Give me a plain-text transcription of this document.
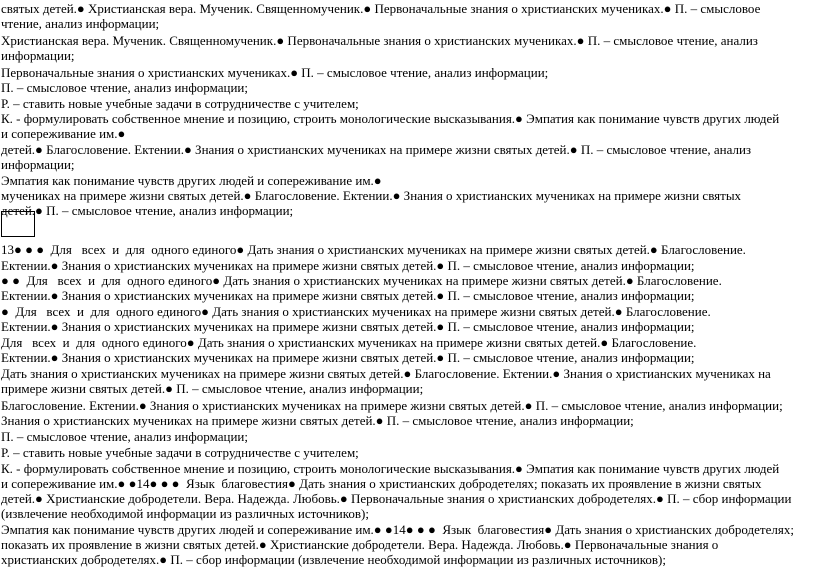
святых детей.● Христианская вера. Мученик. Священномученик.● Первоначальные знания о христианских мучениках.● П. – смысловое
чтение, анализ информации;
Христианская вера. Мученик. Священномученик.● Первоначальные знания о христианских мучениках.● П. – смысловое чтение, анализ
информации;
Первоначальные знания о христианских мучениках.● П. – смысловое чтение, анализ информации;
П. – смысловое чтение, анализ информации;
Р. – ставить новые учебные задачи в сотрудничестве с учителем;
К. - формулировать собственное мнение и позицию, строить монологические высказывания.● Эмпатия как понимание чувств других людей
и сопереживание им.●
детей.● Благословение. Ектении.● Знания о христианских мучениках на примере жизни святых детей.● П. – смысловое чтение, анализ
информации;
Эмпатия как понимание чувств других людей и сопереживание им.●
мучениках на примере жизни святых детей.● Благословение. Ектении.● Знания о христианских мучениках на примере жизни святых
детей.● П. – смысловое чтение, анализ информации;
13● ● ●  Для   всех  и  для  одного единого● Дать знания о христианских мучениках на примере жизни святых детей.● Благословение.
Ектении.● Знания о христианских мучениках на примере жизни святых детей.● П. – смысловое чтение, анализ информации;
● ●  Для   всех  и  для  одного единого● Дать знания о христианских мучениках на примере жизни святых детей.● Благословение.
Ектении.● Знания о христианских мучениках на примере жизни святых детей.● П. – смысловое чтение, анализ информации;
●  Для   всех  и  для  одного единого● Дать знания о христианских мучениках на примере жизни святых детей.● Благословение.
Ектении.● Знания о христианских мучениках на примере жизни святых детей.● П. – смысловое чтение, анализ информации;
Для   всех  и  для  одного единого● Дать знания о христианских мучениках на примере жизни святых детей.● Благословение.
Ектении.● Знания о христианских мучениках на примере жизни святых детей.● П. – смысловое чтение, анализ информации;
Дать знания о христианских мучениках на примере жизни святых детей.● Благословение. Ектении.● Знания о христианских мучениках на
примере жизни святых детей.● П. – смысловое чтение, анализ информации;
Благословение. Ектении.● Знания о христианских мучениках на примере жизни святых детей.● П. – смысловое чтение, анализ информации;
Знания о христианских мучениках на примере жизни святых детей.● П. – смысловое чтение, анализ информации;
П. – смысловое чтение, анализ информации;
Р. – ставить новые учебные задачи в сотрудничестве с учителем;
К. - формулировать собственное мнение и позицию, строить монологические высказывания.● Эмпатия как понимание чувств других людей
и сопереживание им.● ●14● ● ●  Язык  благовестия● Дать знания о христианских добродетелях; показать их проявление в жизни святых
детей.● Христианские добродетели. Вера. Надежда. Любовь.● Первоначальные знания о христианских добродетелях.● П. – сбор информации
(извлечение необходимой информации из различных источников);
Эмпатия как понимание чувств других людей и сопереживание им.● ●14● ● ●  Язык  благовестия● Дать знания о христианских добродетелях;
показать их проявление в жизни святых детей.● Христианские добродетели. Вера. Надежда. Любовь.● Первоначальные знания о
христианских добродетелях.● П. – сбор информации (извлечение необходимой информации из различных источников);
